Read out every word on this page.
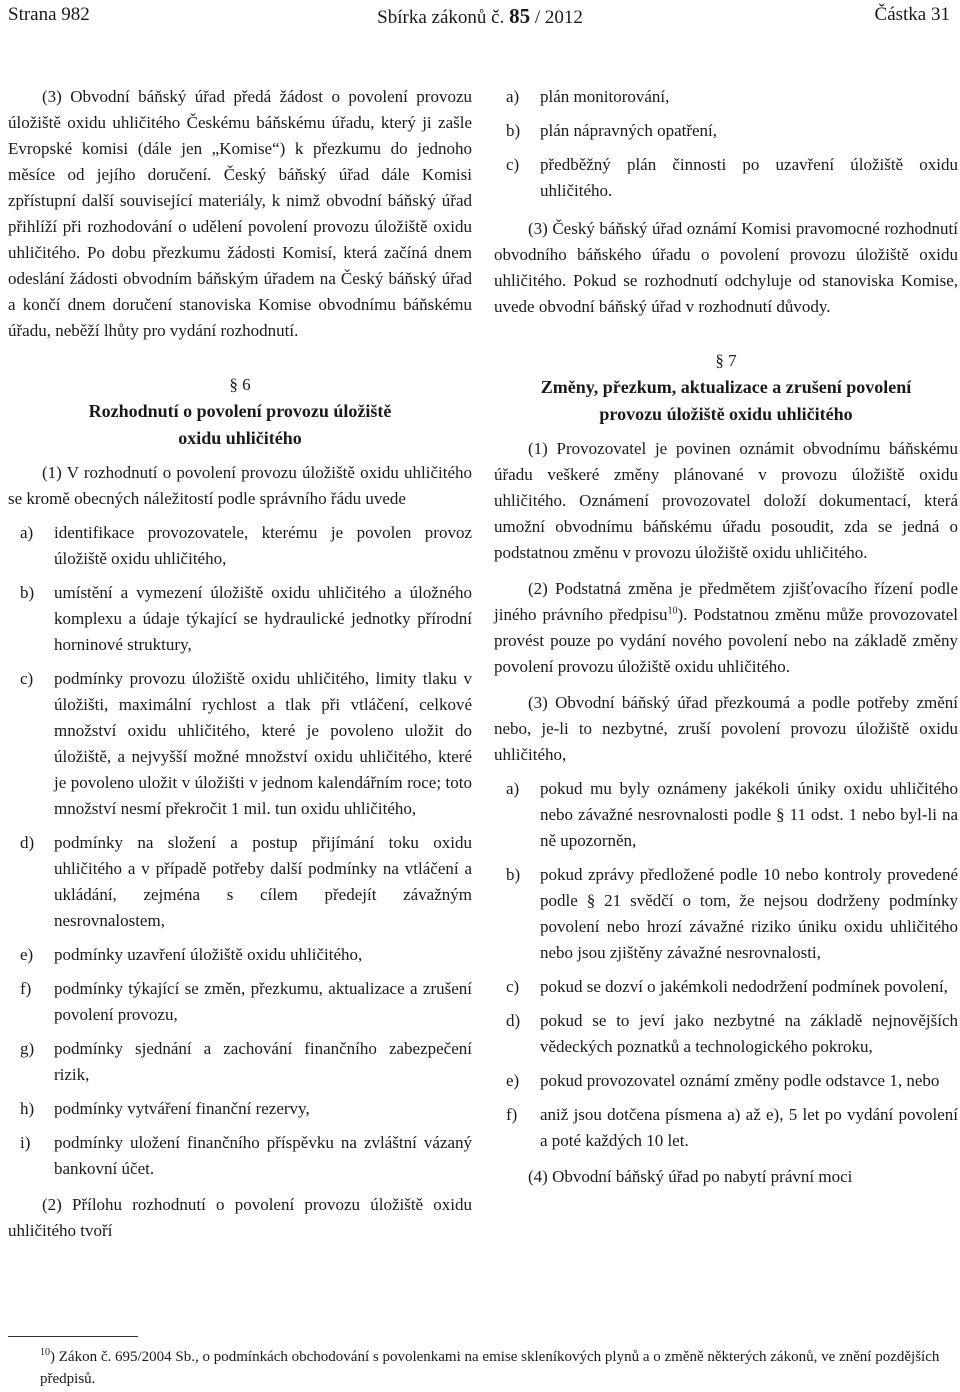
Strana 982	Sbírka zákonů č. 85 / 2012	Částka 31

(3) Obvodní báňský úřad předá žádost o povolení provozu úložiště oxidu uhličitého Českému báňskému úřadu, který ji zašle Evropské komisi (dále jen „Komise“) k přezkumu do jednoho měsíce od jejího doručení. Český báňský úřad dále Komisi zpřístupní další související materiály, k nimž obvodní báňský úřad přihlíží při rozhodování o udělení povolení provozu úložiště oxidu uhličitého. Po dobu přezkumu žádosti Komisí, která začíná dnem odeslání žádosti obvodním báňským úřadem na Český báňský úřad a končí dnem doručení stanoviska Komise obvodnímu báňskému úřadu, neběží lhůty pro vydání rozhodnutí.

§ 6
Rozhodnutí o povolení provozu úložiště
oxidu uhličitého

(1) V rozhodnutí o povolení provozu úložiště oxidu uhličitého se kromě obecných náležitostí podle správního řádu uvede

a)	identifikace provozovatele, kterému je povolen provoz úložiště oxidu uhličitého,
b)	umístění a vymezení úložiště oxidu uhličitého a úložného komplexu a údaje týkající se hydraulické jednotky přírodní horninové struktury,
c)	podmínky provozu úložiště oxidu uhličitého, limity tlaku v úložišti, maximální rychlost a tlak při vtláčení, celkové množství oxidu uhličitého, které je povoleno uložit do úložiště, a nejvyšší možné množství oxidu uhličitého, které je povoleno uložit v úložišti v jednom kalendářním roce; toto množství nesmí překročit 1 mil. tun oxidu uhličitého,
d)	podmínky na složení a postup přijímání toku oxidu uhličitého a v případě potřeby další podmínky na vtláčení a ukládání, zejména s cílem předejít závažným nesrovnalostem,
e)	podmínky uzavření úložiště oxidu uhličitého,
f)	podmínky týkající se změn, přezkumu, aktualizace a zrušení povolení provozu,
g)	podmínky sjednání a zachování finančního zabezpečení rizik,
h)	podmínky vytváření finanční rezervy,
i)	podmínky uložení finančního příspěvku na zvláštní vázaný bankovní účet.

(2) Přílohu rozhodnutí o povolení provozu úložiště oxidu uhličitého tvoří

a)	plán monitorování,
b)	plán nápravných opatření,
c)	předběžný plán činnosti po uzavření úložiště oxidu uhličitého.

(3) Český báňský úřad oznámí Komisi pravomocné rozhodnutí obvodního báňského úřadu o povolení provozu úložiště oxidu uhličitého. Pokud se rozhodnutí odchyluje od stanoviska Komise, uvede obvodní báňský úřad v rozhodnutí důvody.

§ 7
Změny, přezkum, aktualizace a zrušení povolení
provozu úložiště oxidu uhličitého

(1) Provozovatel je povinen oznámit obvodnímu báňskému úřadu veškeré změny plánované v provozu úložiště oxidu uhličitého. Oznámení provozovatel doloží dokumentací, která umožní obvodnímu báňskému úřadu posoudit, zda se jedná o podstatnou změnu v provozu úložiště oxidu uhličitého.

(2) Podstatná změna je předmětem zjišťovacího řízení podle jiného právního předpisu$^{10}$). Podstatnou změnu může provozovatel provést pouze po vydání nového povolení nebo na základě změny povolení provozu úložiště oxidu uhličitého.

(3) Obvodní báňský úřad přezkoumá a podle potřeby změní nebo, je-li to nezbytné, zruší povolení provozu úložiště oxidu uhličitého,

a)	pokud mu byly oznámeny jakékoli úniky oxidu uhličitého nebo závažné nesrovnalosti podle § 11 odst. 1 nebo byl-li na ně upozorněn,
b)	pokud zprávy předložené podle 10 nebo kontroly provedené podle § 21 svědčí o tom, že nejsou dodrženy podmínky povolení nebo hrozí závažné riziko úniku oxidu uhličitého nebo jsou zjištěny závažné nesrovnalosti,
c)	pokud se dozví o jakémkoli nedodržení podmínek povolení,
d)	pokud se to jeví jako nezbytné na základě nejnovějších vědeckých poznatků a technologického pokroku,
e)	pokud provozovatel oznámí změny podle odstavce 1, nebo
f)	aniž jsou dotčena písmena a) až e), 5 let po vydání povolení a poté každých 10 let.

(4) Obvodní báňský úřad po nabytí právní moci

$^{10}$) Zákon č. 695/2004 Sb., o podmínkách obchodování s povolenkami na emise skleníkových plynů a o změně některých zákonů, ve znění pozdějších předpisů.
